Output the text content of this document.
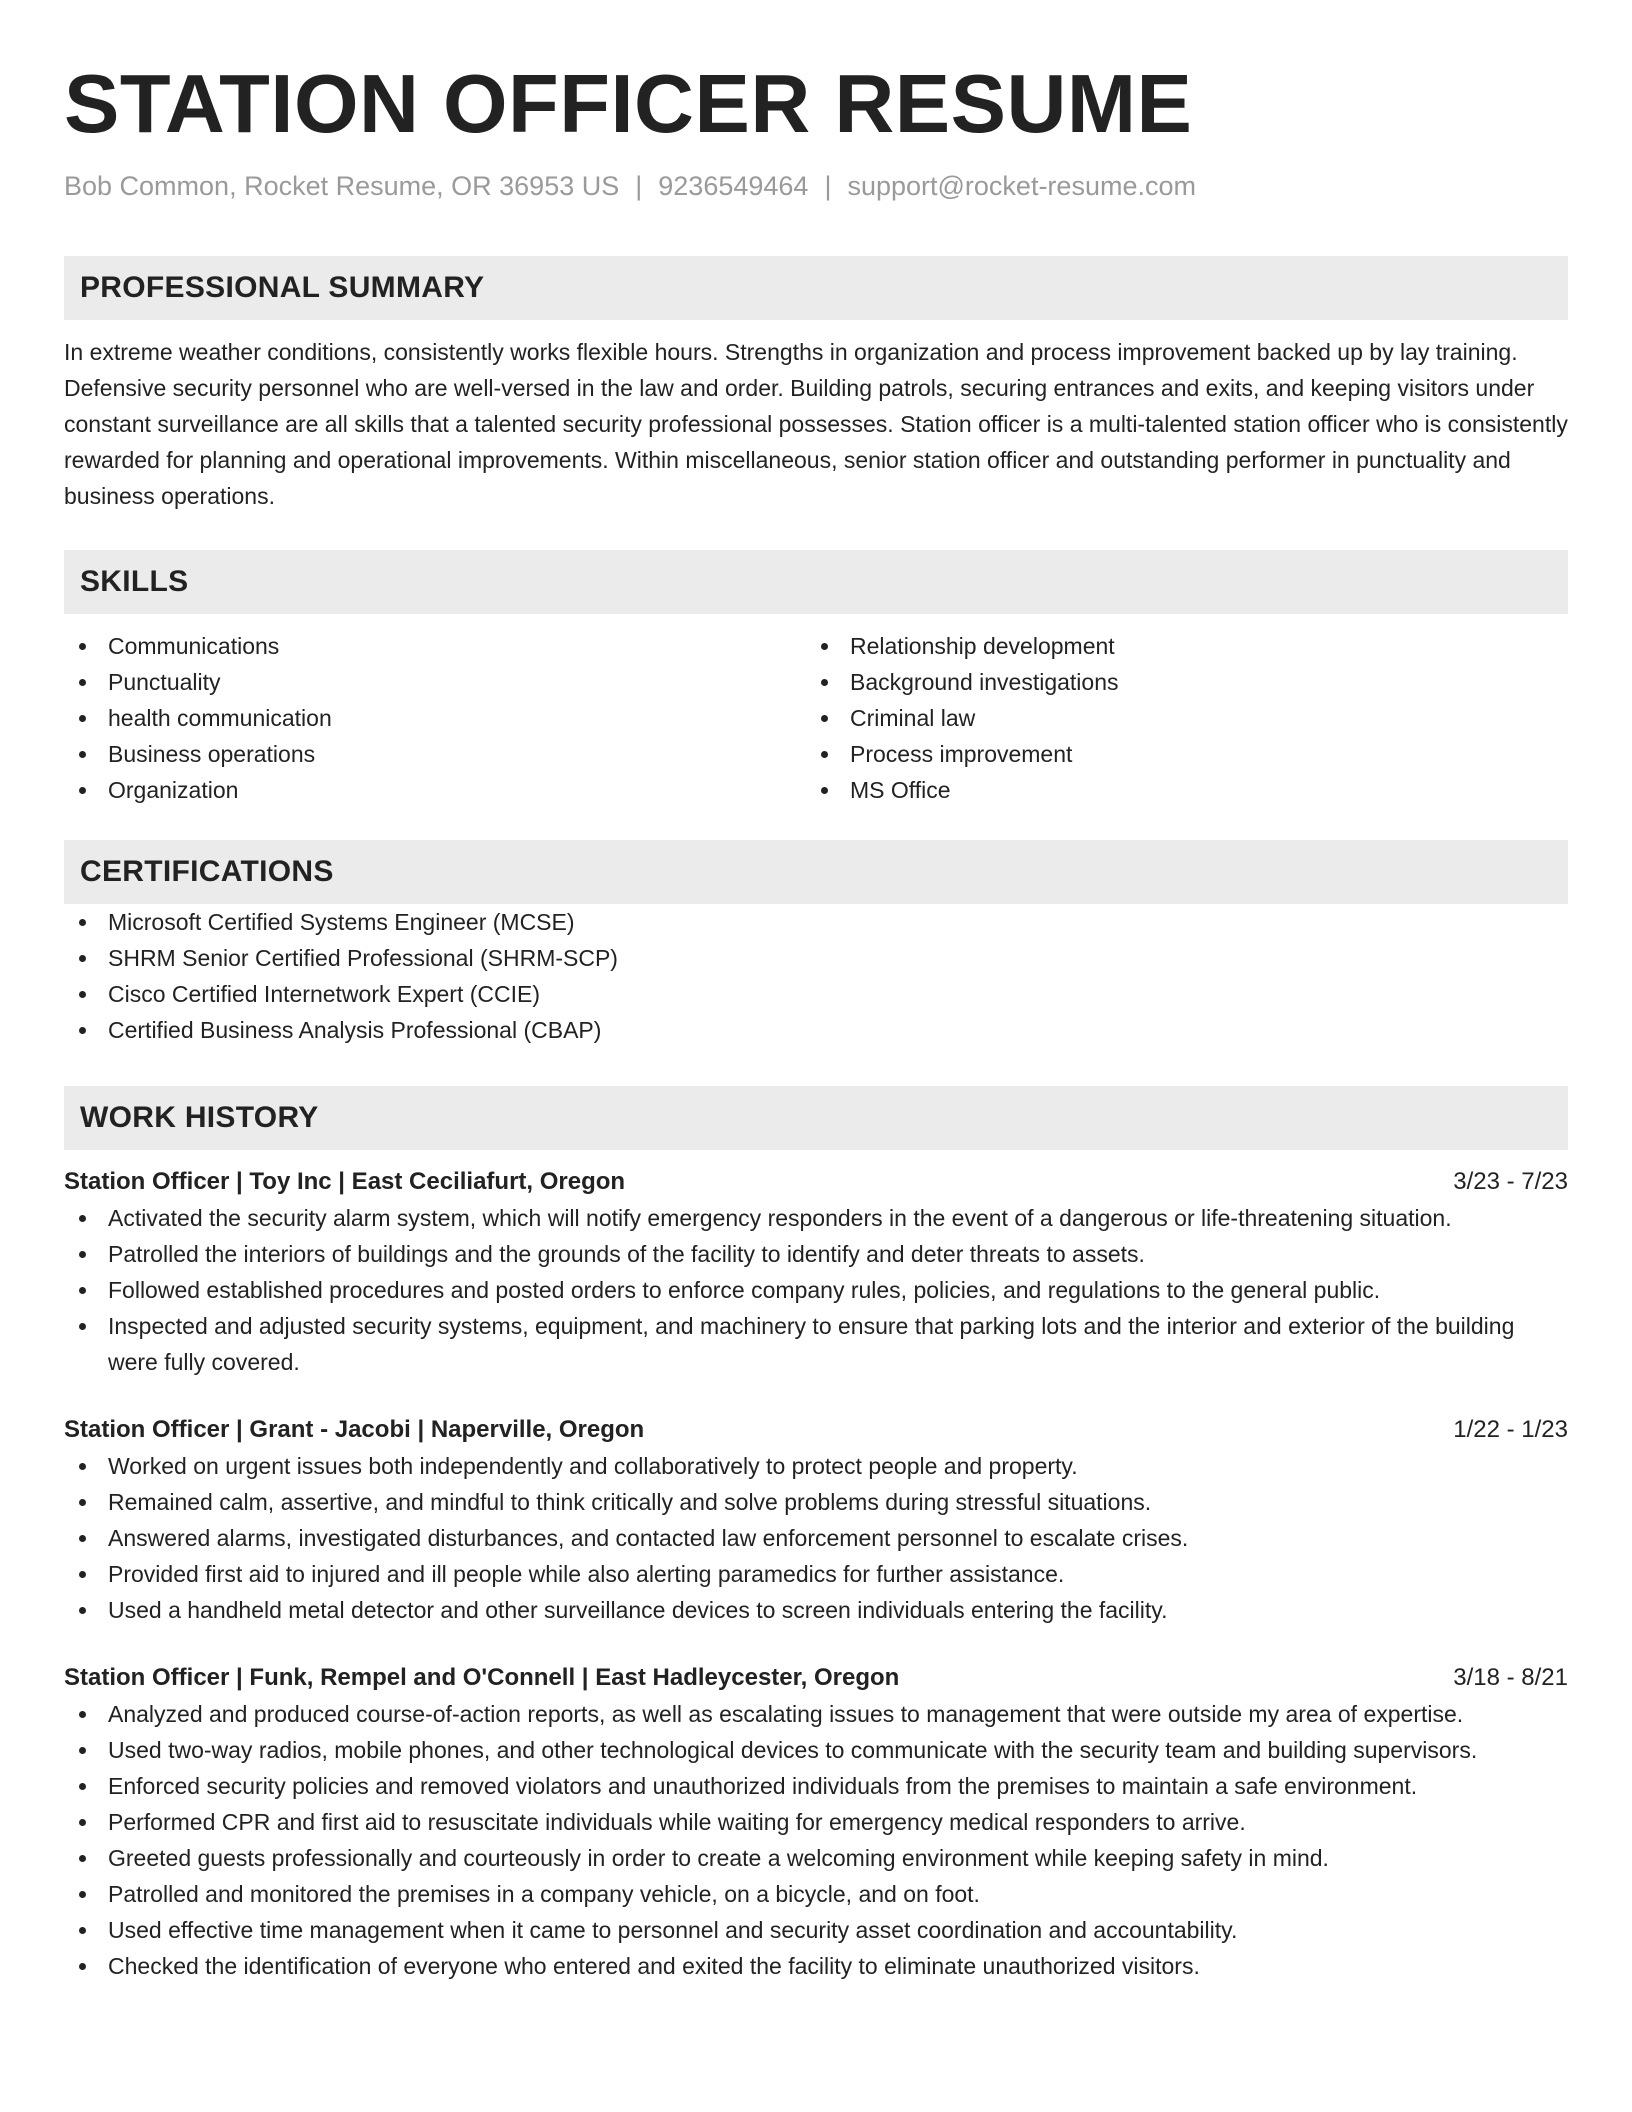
STATION OFFICER RESUME
Bob Common, Rocket Resume, OR 36953 US | 9236549464 | support@rocket-resume.com
PROFESSIONAL SUMMARY

In extreme weather conditions, consistently works flexible hours. Strengths in organization and process improvement backed up by lay training. Defensive security personnel who are well-versed in the law and order. Building patrols, securing entrances and exits, and keeping visitors under constant surveillance are all skills that a talented security professional possesses. Station officer is a multi-talented station officer who is consistently rewarded for planning and operational improvements. Within miscellaneous, senior station officer and outstanding performer in punctuality and business operations.

SKILLS
Communications
Punctuality
health communication
Business operations
Organization
Relationship development
Background investigations
Criminal law
Process improvement
MS Office
CERTIFICATIONS
Microsoft Certified Systems Engineer (MCSE)
SHRM Senior Certified Professional (SHRM-SCP)
Cisco Certified Internetwork Expert (CCIE)
Certified Business Analysis Professional (CBAP)
WORK HISTORY
Station Officer | Toy Inc | East Ceciliafurt, Oregon	3/23 - 7/23
Activated the security alarm system, which will notify emergency responders in the event of a dangerous or life-threatening situation.
Patrolled the interiors of buildings and the grounds of the facility to identify and deter threats to assets.
Followed established procedures and posted orders to enforce company rules, policies, and regulations to the general public.
Inspected and adjusted security systems, equipment, and machinery to ensure that parking lots and the interior and exterior of the building were fully covered.
Station Officer | Grant - Jacobi | Naperville, Oregon	1/22 - 1/23
Worked on urgent issues both independently and collaboratively to protect people and property.
Remained calm, assertive, and mindful to think critically and solve problems during stressful situations.
Answered alarms, investigated disturbances, and contacted law enforcement personnel to escalate crises.
Provided first aid to injured and ill people while also alerting paramedics for further assistance.
Used a handheld metal detector and other surveillance devices to screen individuals entering the facility.
Station Officer | Funk, Rempel and O'Connell | East Hadleycester, Oregon	3/18 - 8/21
Analyzed and produced course-of-action reports, as well as escalating issues to management that were outside my area of expertise.
Used two-way radios, mobile phones, and other technological devices to communicate with the security team and building supervisors.
Enforced security policies and removed violators and unauthorized individuals from the premises to maintain a safe environment.
Performed CPR and first aid to resuscitate individuals while waiting for emergency medical responders to arrive.
Greeted guests professionally and courteously in order to create a welcoming environment while keeping safety in mind.
Patrolled and monitored the premises in a company vehicle, on a bicycle, and on foot.
Used effective time management when it came to personnel and security asset coordination and accountability.
Checked the identification of everyone who entered and exited the facility to eliminate unauthorized visitors.
